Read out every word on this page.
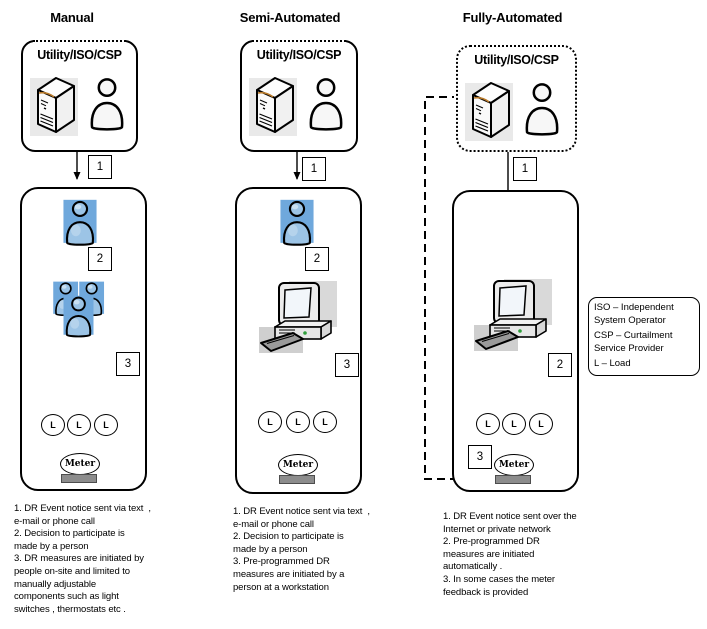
Manual	Semi-Automated	Fully-Automated
Utility/ISO/CSP	Utility/ISO/CSP	Utility/ISO/CSP
1
2
3
1
2
3
1
2
3
L	L	L	L	L	L	L	L	L
Meter	Meter	Meter
ISO – Independent
System Operator
CSP – Curtailment
Service Provider
L – Load
1. DR Event notice sent via text  ,
e-mail or phone call
2. Decision to participate is
made by a person
3. DR measures are initiated by
people on-site and limited to
manually adjustable
components such as light
switches , thermostats etc .
1. DR Event notice sent via text  ,
e-mail or phone call
2. Decision to participate is
made by a person
3. Pre-programmed DR
measures are initiated by a
person at a workstation
1. DR Event notice sent over the
Internet or private network
2. Pre-programmed DR
measures are initiated
automatically .
3. In some cases the meter
feedback is provided
